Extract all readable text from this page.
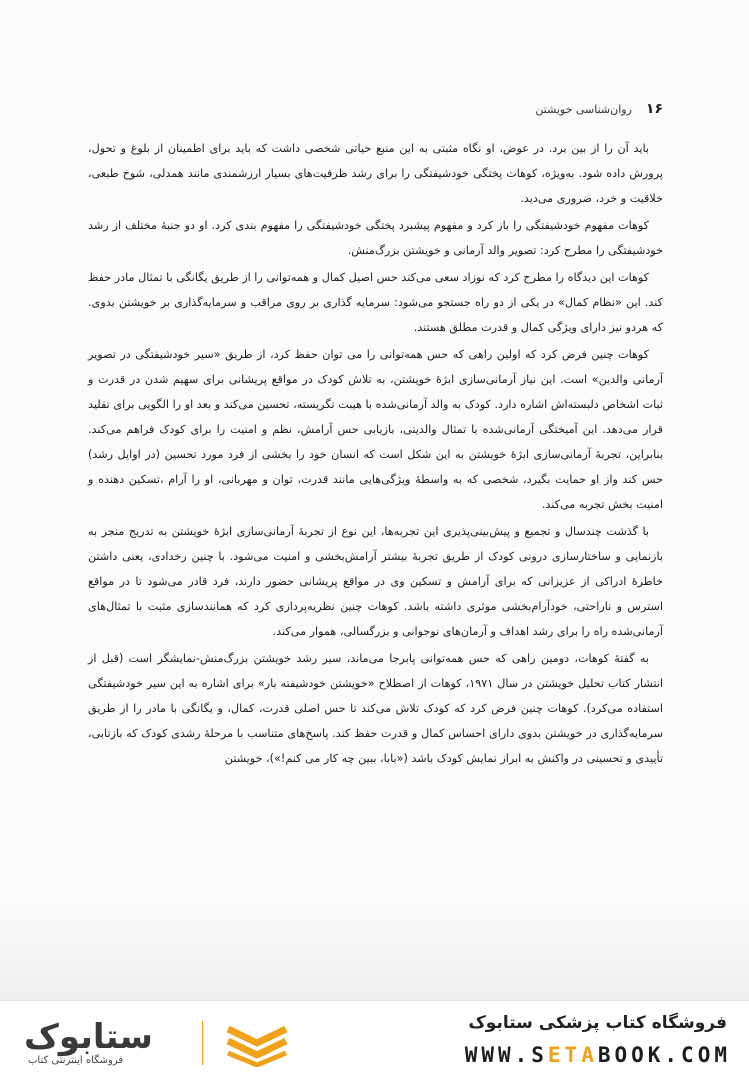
۱۶
روان‌شناسی خویشتن

باید آن را از بین برد. در عوض، او نگاه مثبتی به این منبع حیاتی شخصی داشت که باید برای اطمینان از بلوغ و تحول، پرورش داده شود. به‌ویژه، کوهات پختگی خودشیفتگی را برای رشد ظرفیت‌های بسیار ارزشمندی مانند همدلی، شوخ طبعی، خلاقیت و خرد، ضروری می‌دید.

کوهات مفهوم خودشیفتگی را باز کرد و مفهوم پیشبرد پختگی خودشیفتگی را مفهوم بندی کرد. او دو جنبهٔ مختلف از رشد خودشیفتگی را مطرح کرد: تصویر والد آرمانی و خویشتن بزرگ‌منش.

کوهات این دیدگاه را مطرح کرد که نوزاد سعی می‌کند حس اصیل کمال و همه‌توانی را از طریق یگانگی با تمثال مادر حفظ کند. این «نظام کمال» در یکی از دو راه جستجو می‌شود: سرمایه گذاری بر روی مراقب و سرمایه‌گذاری بر خویشتن بدوی. که هردو نیز دارای ویژگی کمال و قدرت مطلق هستند.

کوهات چنین فرض کرد که اولین راهی که حس همه‌توانی را می توان حفظ کرد، از طریق «سیر خودشیفتگی در تصویر آرمانی والدین» است. این نیاز آرمانی‌سازی ابژهٔ خویشتن، به تلاش کودک در مواقع پریشانی برای سهیم شدن در قدرت و ثبات اشخاص دلبسته‌اش اشاره دارد. کودک به والد آرمانی‌شده با هیبت نگریسته، تحسین می‌کند و بعد او را الگویی برای تقلید قرار می‌دهد. این آمیختگی آرمانی‌شده با تمثال والدینی، بازیابی حس آرامش، نظم و امنیت را برای کودک فراهم می‌کند. بنابراین، تجربهٔ آرمانی‌سازی ابژهٔ خویشتن به این شکل است که انسان خود را بخشی از فرد مورد تحسین (در اوایل رشد) حس کند واز او حمایت بگیرد، شخصی که به واسطهٔ ویژگی‌هایی مانند قدرت، توان و مهربانی، او را آرام ،تسکین دهنده و امنیت بخش تجربه می‌کند.

با گذشت چندسال و تجمیع و پیش‌بینی‌پذیری این تجربه‌ها، این نوع از تجربهٔ آرمانی‌سازی ابژهٔ خویشتن به تدریج منجر به بازنمایی و ساختارسازی درونی کودک از طریق تجربهٔ بیشتر آرامش‌بخشی و امنیت می‌شود. با چنین رخدادی، یعنی داشتن خاطرهٔ ادراکی از عزیزانی که برای آرامش و تسکین وی در مواقع پریشانی حضور دارند، فرد قادر می‌شود تا در مواقع استرس و ناراحتی، خودآرام‌بخشی موثری داشته باشد. کوهات چنین نظریه‌پردازی کرد که همانندسازی مثبت با تمثال‌های آرمانی‌شده راه را برای رشد اهداف و آرمان‌های نوجوانی و بزرگسالی، هموار می‌کند.

به گفتهٔ کوهات، دومین راهی که حس همه‌توانی پابرجا می‌ماند، سیر رشد خویشتن بزرگ‌منش-نمایشگر است (قبل از انتشار کتاب تحلیل خویشتن در سال ۱۹۷۱، کوهات از اصطلاح «خویشتن خودشیفته بار» برای اشاره به این سیر خودشیفتگی استفاده می‌کرد). کوهات چنین فرض کرد که کودک تلاش می‌کند تا حس اصلی قدرت، کمال، و یگانگی با مادر را از طریق سرمایه‌گذاری در خویشتن بدوی دارای احساس کمال و قدرت حفظ کند. پاسخ‌های متناسب با مرحلهٔ رشدی کودک که بازتابی، تأییدی و تحسینی در واکنش به ابراز نمایش کودک باشد («بابا، ببین چه کار می کنم!»)، خویشتن

ستابوک
فروشگاه اینترنتی کتاب
فروشگاه کتاب پزشکی ستابوک
WWW.SETABOOK.COM
